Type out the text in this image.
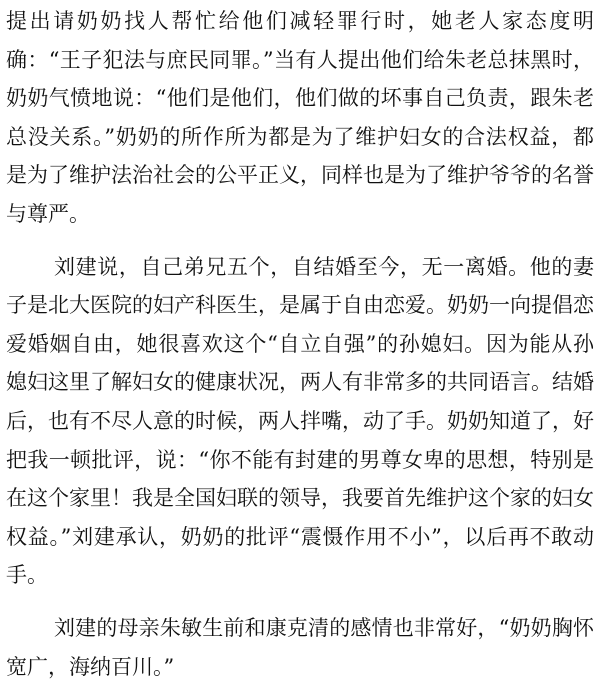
提出请奶奶找人帮忙给他们减轻罪行时，她老人家态度明确：“王子犯法与庶民同罪。”当有人提出他们给朱老总抹黑时，奶奶气愤地说：“他们是他们，他们做的坏事自己负责，跟朱老总没关系。”奶奶的所作所为都是为了维护妇女的合法权益，都是为了维护法治社会的公平正义，同样也是为了维护爷爷的名誉与尊严。

刘建说，自己弟兄五个，自结婚至今，无一离婚。他的妻子是北大医院的妇产科医生，是属于自由恋爱。奶奶一向提倡恋爱婚姻自由，她很喜欢这个“自立自强”的孙媳妇。因为能从孙媳妇这里了解妇女的健康状况，两人有非常多的共同语言。结婚后，也有不尽人意的时候，两人拌嘴，动了手。奶奶知道了，好把我一顿批评，说：“你不能有封建的男尊女卑的思想，特别是在这个家里！我是全国妇联的领导，我要首先维护这个家的妇女权益。”刘建承认，奶奶的批评“震慑作用不小”，以后再不敢动手。

刘建的母亲朱敏生前和康克清的感情也非常好，“奶奶胸怀宽广，海纳百川。”
